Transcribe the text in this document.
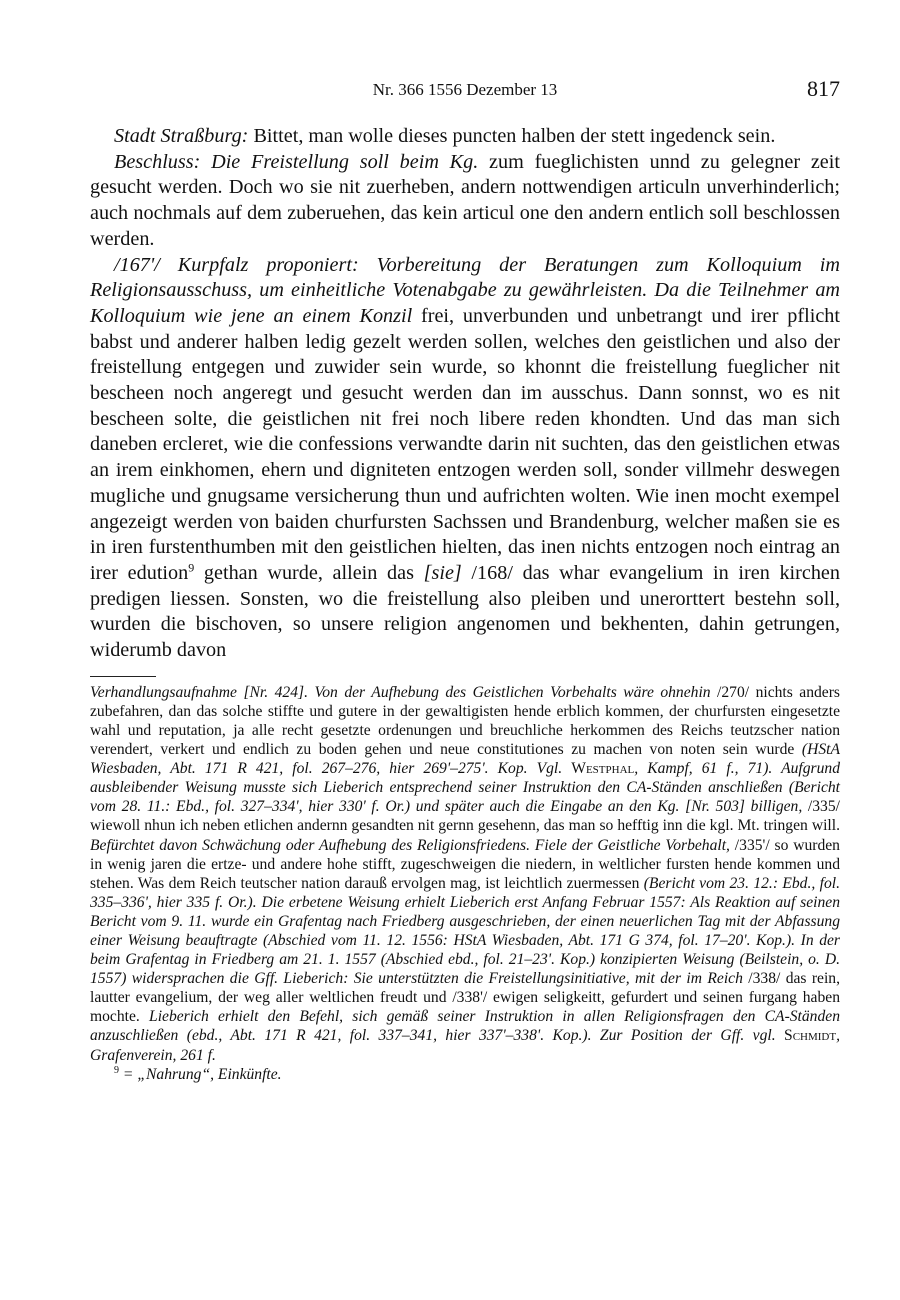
Nr. 366 1556 Dezember 13	817

Stadt Straßburg: Bittet, man wolle dieses puncten halben der stett ingedenck sein.

Beschluss: Die Freistellung soll beim Kg. zum fueglichisten unnd zu gelegner zeit gesucht werden. Doch wo sie nit zuerheben, andern nottwendigen articuln unverhinderlich; auch nochmals auf dem zuberuehen, das kein articul one den andern entlich soll beschlossen werden.

/167'/ Kurpfalz proponiert: Vorbereitung der Beratungen zum Kolloquium im Religionsausschuss, um einheitliche Votenabgabe zu gewährleisten. Da die Teilnehmer am Kolloquium wie jene an einem Konzil frei, unverbunden und unbetrangt und irer pflicht babst und anderer halben ledig gezelt werden sollen, welches den geistlichen und also der freistellung entgegen und zuwider sein wurde, so khonnt die freistellung fueglicher nit bescheen noch angeregt und gesucht werden dan im ausschus. Dann sonnst, wo es nit bescheen solte, die geistlichen nit frei noch libere reden khondten. Und das man sich daneben ercleret, wie die confessions verwandte darin nit suchten, das den geistlichen etwas an irem einkhomen, ehern und digniteten entzogen werden soll, sonder villmehr deswegen mugliche und gnugsame versicherung thun und aufrichten wolten. Wie inen mocht exempel angezeigt werden von baiden churfursten Sachssen und Brandenburg, welcher maßen sie es in iren furstenthumben mit den geistlichen hielten, das inen nichts entzogen noch eintrag an irer edution$^9$ gethan wurde, allein das [sie] /168/ das whar evangelium in iren kirchen predigen liessen. Sonsten, wo die freistellung also pleiben und unerorttert bestehn soll, wurden die bischoven, so unsere religion angenomen und bekhenten, dahin getrungen, widerumb davon

Verhandlungsaufnahme [Nr. 424]. Von der Aufhebung des Geistlichen Vorbehalts wäre ohnehin /270/ nichts anders zubefahren, dan das solche stiffte und gutere in der gewaltigisten hende erblich kommen, der churfursten eingesetzte wahl und reputation, ja alle recht gesetzte ordenungen und breuchliche herkommen des Reichs teutzscher nation verendert, verkert und endlich zu boden gehen und neue constitutiones zu machen von noten sein wurde (HStA Wiesbaden, Abt. 171 R 421, fol. 267–276, hier 269'–275'. Kop. Vgl. Westphal, Kampf, 61 f., 71). Aufgrund ausbleibender Weisung musste sich Lieberich entsprechend seiner Instruktion den CA-Ständen anschließen (Bericht vom 28. 11.: Ebd., fol. 327–334', hier 330' f. Or.) und später auch die Eingabe an den Kg. [Nr. 503] billigen, /335/ wiewoll nhun ich neben etlichen andernn gesandten nit gernn gesehenn, das man so hefftig inn die kgl. Mt. tringen will. Befürchtet davon Schwächung oder Aufhebung des Religionsfriedens. Fiele der Geistliche Vorbehalt, /335'/ so wurden in wenig jaren die ertze- und andere hohe stifft, zugeschweigen die niedern, in weltlicher fursten hende kommen und stehen. Was dem Reich teutscher nation darauß ervolgen mag, ist leichtlich zuermessen (Bericht vom 23. 12.: Ebd., fol. 335–336', hier 335 f. Or.). Die erbetene Weisung erhielt Lieberich erst Anfang Februar 1557: Als Reaktion auf seinen Bericht vom 9. 11. wurde ein Grafentag nach Friedberg ausgeschrieben, der einen neuerlichen Tag mit der Abfassung einer Weisung beauftragte (Abschied vom 11. 12. 1556: HStA Wiesbaden, Abt. 171 G 374, fol. 17–20'. Kop.). In der beim Grafentag in Friedberg am 21. 1. 1557 (Abschied ebd., fol. 21–23'. Kop.) konzipierten Weisung (Beilstein, o. D. 1557) widersprachen die Gff. Lieberich: Sie unterstützten die Freistellungsinitiative, mit der im Reich /338/ das rein, lautter evangelium, der weg aller weltlichen freudt und /338'/ ewigen seligkeitt, gefurdert und seinen furgang haben mochte. Lieberich erhielt den Befehl, sich gemäß seiner Instruktion in allen Religionsfragen den CA-Ständen anzuschließen (ebd., Abt. 171 R 421, fol. 337–341, hier 337'–338'. Kop.). Zur Position der Gff. vgl. Schmidt, Grafenverein, 261 f.

$^9$ = „Nahrung“, Einkünfte.
